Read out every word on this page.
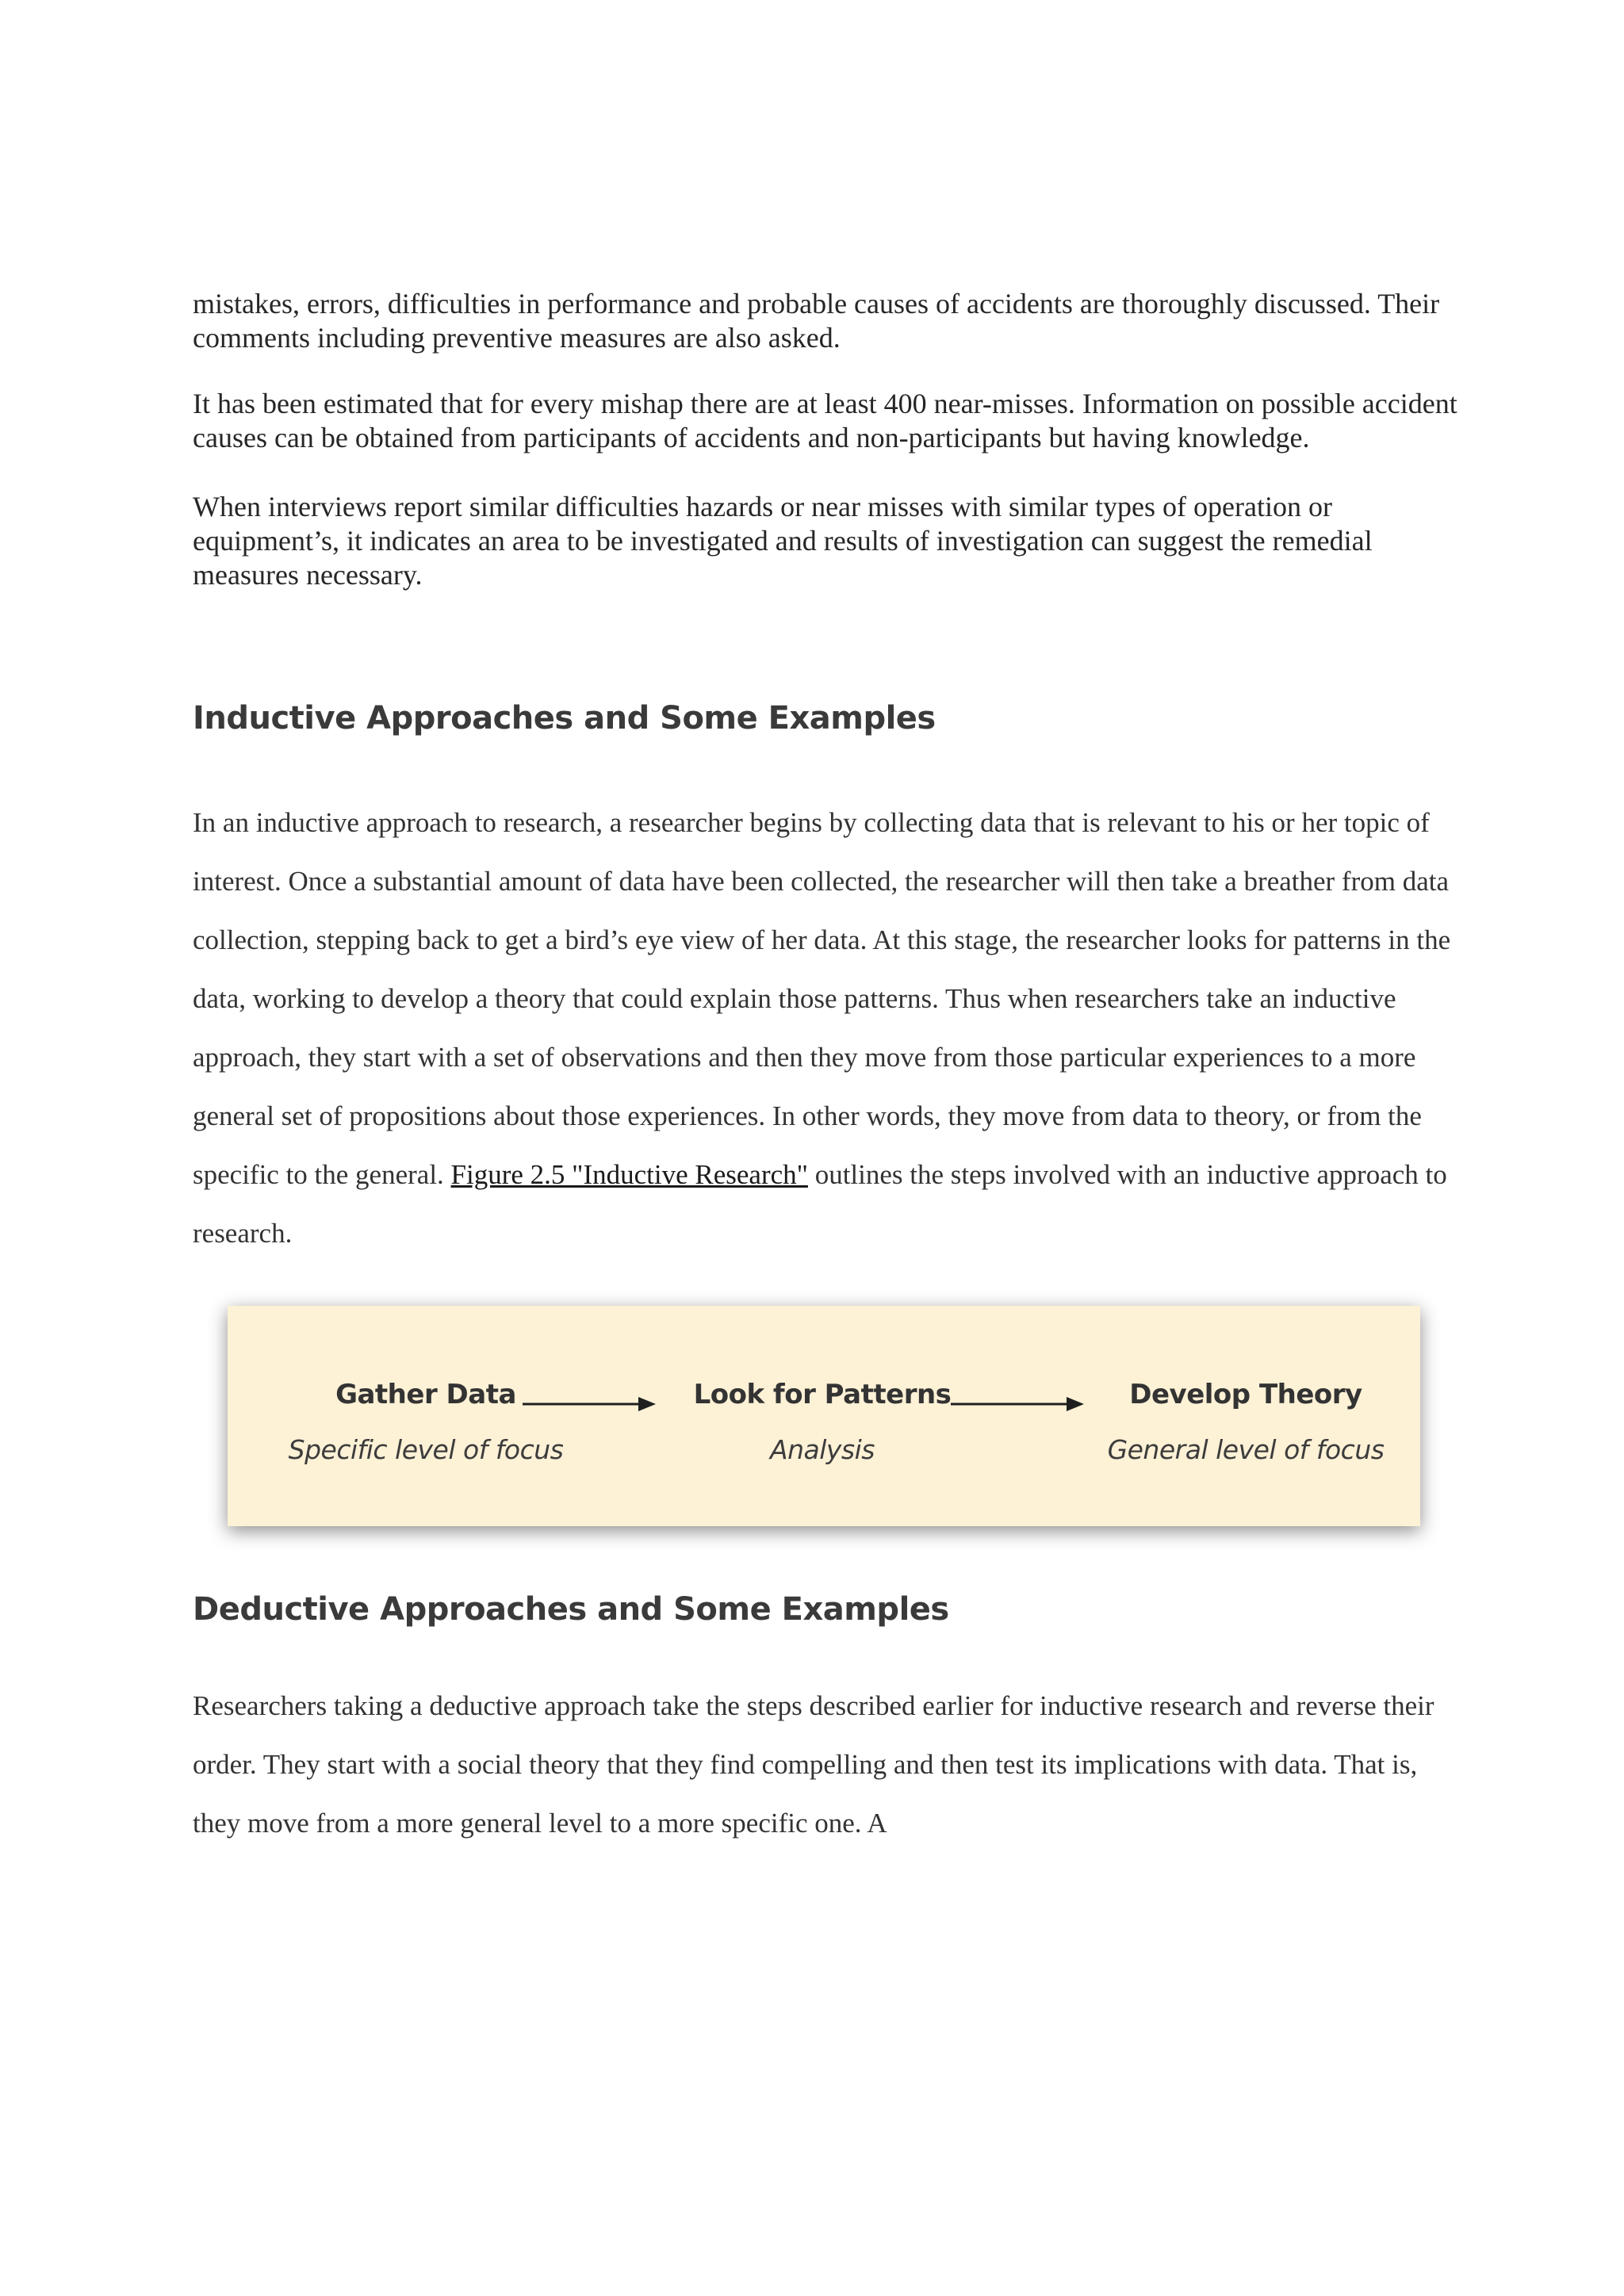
mistakes, errors, difficulties in performance and probable causes of accidents are thoroughly discussed. Their comments including preventive measures are also asked.

It has been estimated that for every mishap there are at least 400 near-misses. Information on possible accident causes can be obtained from participants of accidents and non-participants but having knowledge.

When interviews report similar difficulties hazards or near misses with similar types of operation or equipment’s, it indicates an area to be investigated and results of investigation can suggest the remedial measures necessary.

Inductive Approaches and Some Examples

In an inductive approach to research, a researcher begins by collecting data that is relevant to his or her topic of interest. Once a substantial amount of data have been collected, the researcher will then take a breather from data collection, stepping back to get a bird’s eye view of her data. At this stage, the researcher looks for patterns in the data, working to develop a theory that could explain those patterns. Thus when researchers take an inductive approach, they start with a set of observations and then they move from those particular experiences to a more general set of propositions about those experiences. In other words, they move from data to theory, or from the specific to the general. Figure 2.5 "Inductive Research" outlines the steps involved with an inductive approach to research.

Gather Data
Specific level of focus
Look for Patterns
Analysis
Develop Theory
General level of focus
Deductive Approaches and Some Examples

Researchers taking a deductive approach take the steps described earlier for inductive research and reverse their order. They start with a social theory that they find compelling and then test its implications with data. That is, they move from a more general level to a more specific one. A
